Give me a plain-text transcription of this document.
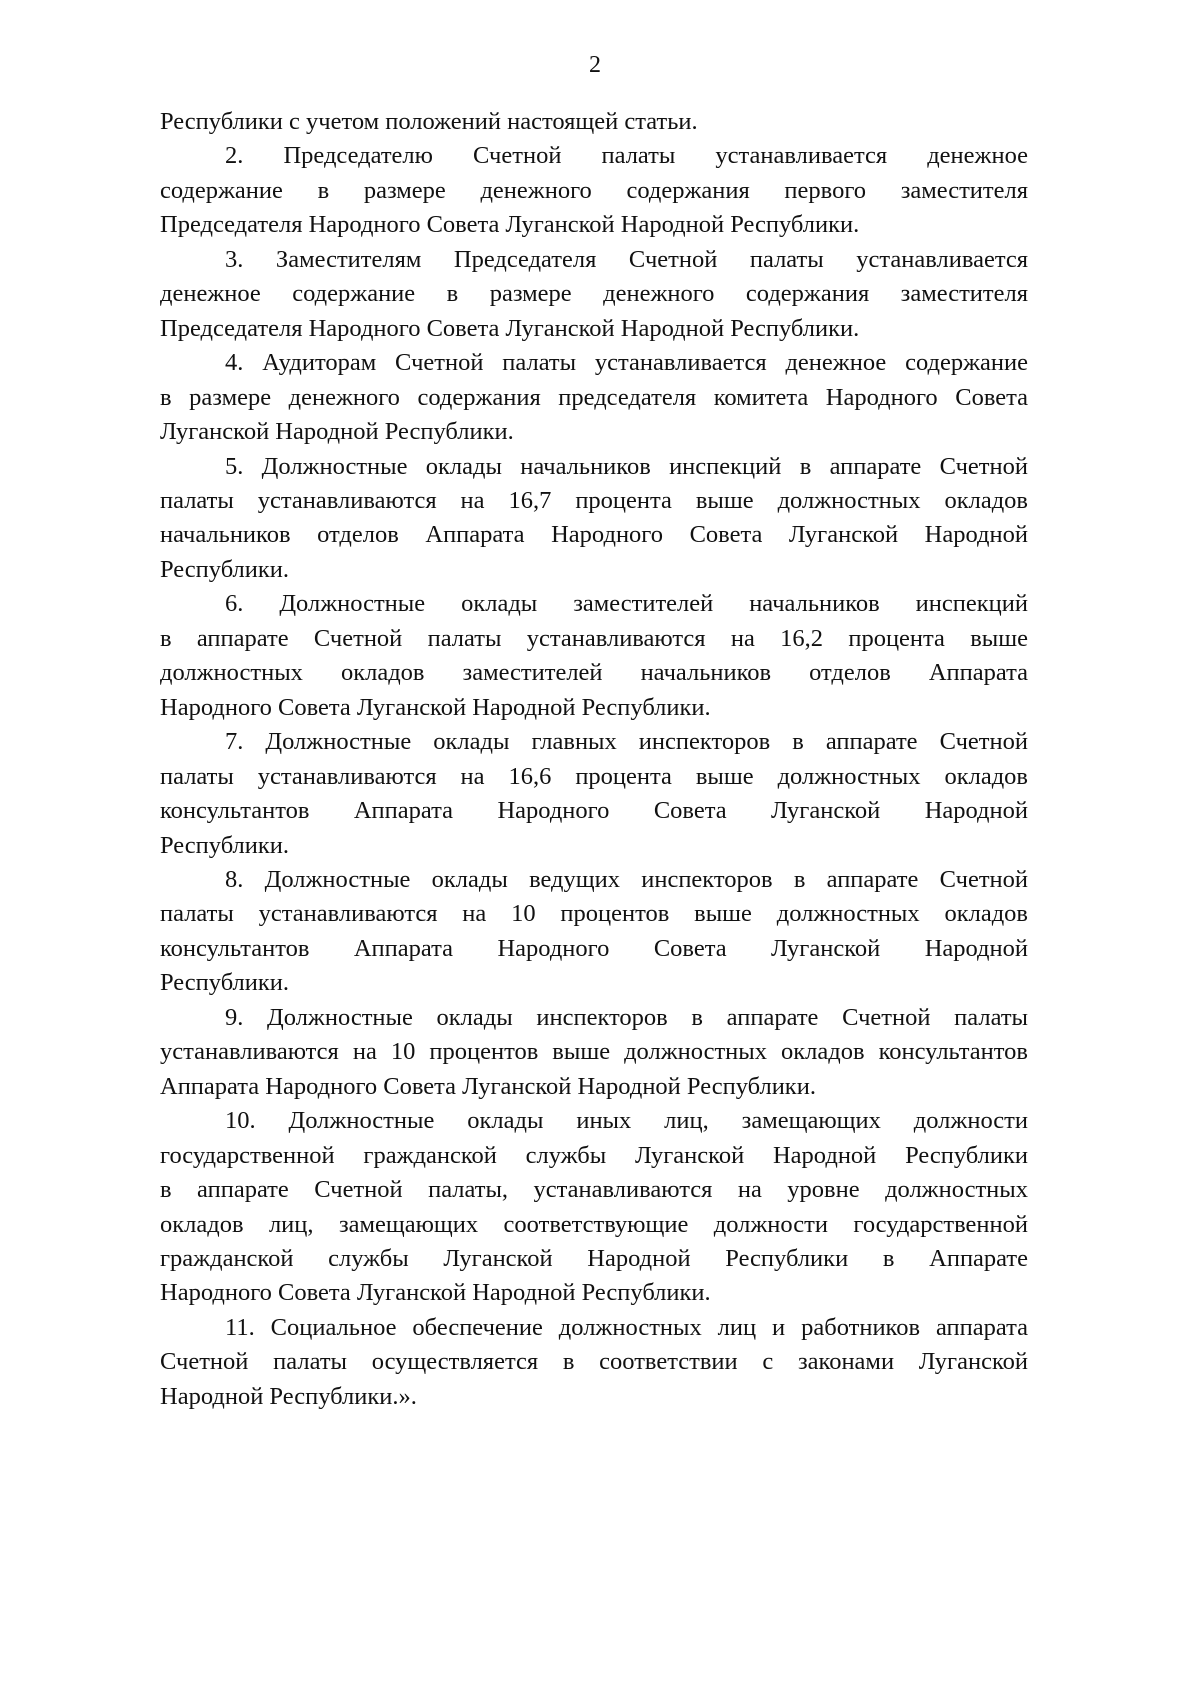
2
Республики с учетом положений настоящей статьи.
2. Председателю Счетной палаты устанавливается денежное
содержание в размере денежного содержания первого заместителя
Председателя Народного Совета Луганской Народной Республики.
3. Заместителям Председателя Счетной палаты устанавливается
денежное содержание в размере денежного содержания заместителя
Председателя Народного Совета Луганской Народной Республики.
4. Аудиторам Счетной палаты устанавливается денежное содержание
в размере денежного содержания председателя комитета Народного Совета
Луганской Народной Республики.
5. Должностные оклады начальников инспекций в аппарате Счетной
палаты устанавливаются на 16,7 процента выше должностных окладов
начальников отделов Аппарата Народного Совета Луганской Народной
Республики.
6. Должностные оклады заместителей начальников инспекций
в аппарате Счетной палаты устанавливаются на 16,2 процента выше
должностных окладов заместителей начальников отделов Аппарата
Народного Совета Луганской Народной Республики.
7. Должностные оклады главных инспекторов в аппарате Счетной
палаты устанавливаются на 16,6 процента выше должностных окладов
консультантов Аппарата Народного Совета Луганской Народной
Республики.
8. Должностные оклады ведущих инспекторов в аппарате Счетной
палаты устанавливаются на 10 процентов выше должностных окладов
консультантов Аппарата Народного Совета Луганской Народной
Республики.
9. Должностные оклады инспекторов в аппарате Счетной палаты
устанавливаются на 10 процентов выше должностных окладов консультантов
Аппарата Народного Совета Луганской Народной Республики.
10. Должностные оклады иных лиц, замещающих должности
государственной гражданской службы Луганской Народной Республики
в аппарате Счетной палаты, устанавливаются на уровне должностных
окладов лиц, замещающих соответствующие должности государственной
гражданской службы Луганской Народной Республики в Аппарате
Народного Совета Луганской Народной Республики.
11. Социальное обеспечение должностных лиц и работников аппарата
Счетной палаты осуществляется в соответствии с законами Луганской
Народной Республики.».
